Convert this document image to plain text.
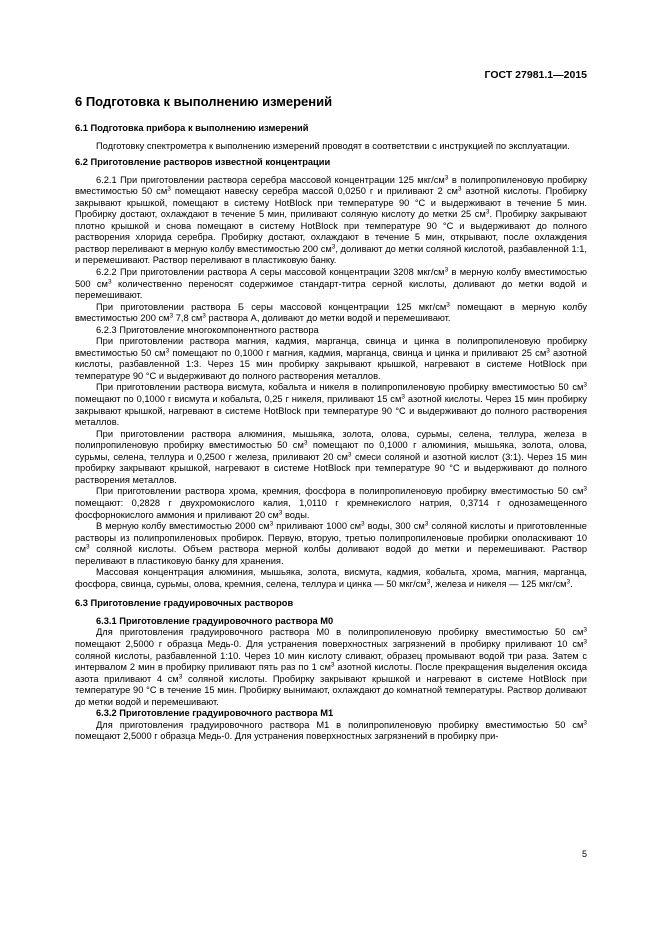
ГОСТ 27981.1—2015
6 Подготовка к выполнению измерений
6.1 Подготовка прибора к выполнению измерений

Подготовку спектрометра к выполнению измерений проводят в соответствии с инструкцией по эксплуатации.

6.2 Приготовление растворов известной концентрации

6.2.1 При приготовлении раствора серебра массовой концентрации 125 мкг/$см^3$ в полипропиленовую пробирку вместимостью 50 $см^3$ помещают навеску серебра массой 0,0250 г и приливают 2 $см^3$ азотной кислоты. Пробирку закрывают крышкой, помещают в систему HotBlock при температуре 90 °С и выдерживают в течение 5 мин. Пробирку достают, охлаждают в течение 5 мин, приливают соляную кислоту до метки 25 $см^3$. Пробирку закрывают плотно крышкой и снова помещают в систему HotBlock при температуре 90 °С и выдерживают до полного растворения хлорида серебра. Пробирку достают, охлаждают в течение 5 мин, открывают, после охлаждения раствор переливают в мерную колбу вместимостью 200 $см^3$, доливают до метки соляной кислотой, разбавленной 1:1, и перемешивают. Раствор переливают в пластиковую банку.

6.2.2 При приготовлении раствора А серы массовой концентрации 3208 мкг/$см^3$ в мерную колбу вместимостью 500 $см^3$ количественно переносят содержимое стандарт-титра серной кислоты, доливают до метки водой и перемешивают.

При приготовлении раствора Б серы массовой концентрации 125 мкг/$см^3$ помещают в мерную колбу вместимостью 200 $см^3$ 7,8 $см^3$ раствора А, доливают до метки водой и перемешивают.

6.2.3 Приготовление многокомпонентного раствора

При приготовлении раствора магния, кадмия, марганца, свинца и цинка в полипропиленовую пробирку вместимостью 50 $см^3$ помещают по 0,1000 г магния, кадмия, марганца, свинца и цинка и приливают 25 $см^3$ азотной кислоты, разбавленной 1:3. Через 15 мин пробирку закрывают крышкой, нагревают в системе HotBlock при температуре 90 °С и выдерживают до полного растворения металлов.

При приготовлении раствора висмута, кобальта и никеля в полипропиленовую пробирку вместимостью 50 $см^3$ помещают по 0,1000 г висмута и кобальта, 0,25 г никеля, приливают 15 $см^3$ азотной кислоты. Через 15 мин пробирку закрывают крышкой, нагревают в системе HotBlock при температуре 90 °С и выдерживают до полного растворения металлов.

При приготовлении раствора алюминия, мышьяка, золота, олова, сурьмы, селена, теллура, железа в полипропиленовую пробирку вместимостью 50 $см^3$ помещают по 0,1000 г алюминия, мышьяка, золота, олова, сурьмы, селена, теллура и 0,2500 г железа, приливают 20 $см^3$ смеси соляной и азотной кислот (3:1). Через 15 мин пробирку закрывают крышкой, нагревают в системе HotBlock при температуре 90 °С и выдерживают до полного растворения металлов.

При приготовлении раствора хрома, кремния, фосфора в полипропиленовую пробирку вместимостью 50 $см^3$ помещают: 0,2828 г двухромокислого калия, 1,0110 г кремнекислого натрия, 0,3714 г однозамещенного фосфорнокислого аммония и приливают 20 $см^3$ воды.

В мерную колбу вместимостью 2000 $см^3$ приливают 1000 $см^3$ воды, 300 $см^3$ соляной кислоты и приготовленные растворы из полипропиленовых пробирок. Первую, вторую, третью полипропиленовые пробирки ополаскивают 10 $см^3$ соляной кислоты. Объем раствора мерной колбы доливают водой до метки и перемешивают. Раствор переливают в пластиковую банку для хранения.

Массовая концентрация алюминия, мышьяка, золота, висмута, кадмия, кобальта, хрома, магния, марганца, фосфора, свинца, сурьмы, олова, кремния, селена, теллура и цинка — 50 мкг/$см^3$, железа и никеля — 125 мкг/$см^3$.

6.3 Приготовление градуировочных растворов
6.3.1 Приготовление градуировочного раствора М0

Для приготовления градуировочного раствора М0 в полипропиленовую пробирку вместимостью 50 $см^3$ помещают 2,5000 г образца Медь-0. Для устранения поверхностных загрязнений в пробирку приливают 10 $см^3$ соляной кислоты, разбавленной 1:10. Через 10 мин кислоту сливают, образец промывают водой три раза. Затем с интервалом 2 мин в пробирку приливают пять раз по 1 $см^3$ азотной кислоты. После прекращения выделения оксида азота приливают 4 $см^3$ соляной кислоты. Пробирку закрывают крышкой и нагревают в системе HotBlock при температуре 90 °С в течение 15 мин. Пробирку вынимают, охлаждают до комнатной температуры. Раствор доливают до метки водой и перемешивают.

6.3.2 Приготовление градуировочного раствора М1

Для приготовления градуировочного раствора М1 в полипропиленовую пробирку вместимостью 50 $см^3$ помещают 2,5000 г образца Медь-0. Для устранения поверхностных загрязнений в пробирку при-

5
